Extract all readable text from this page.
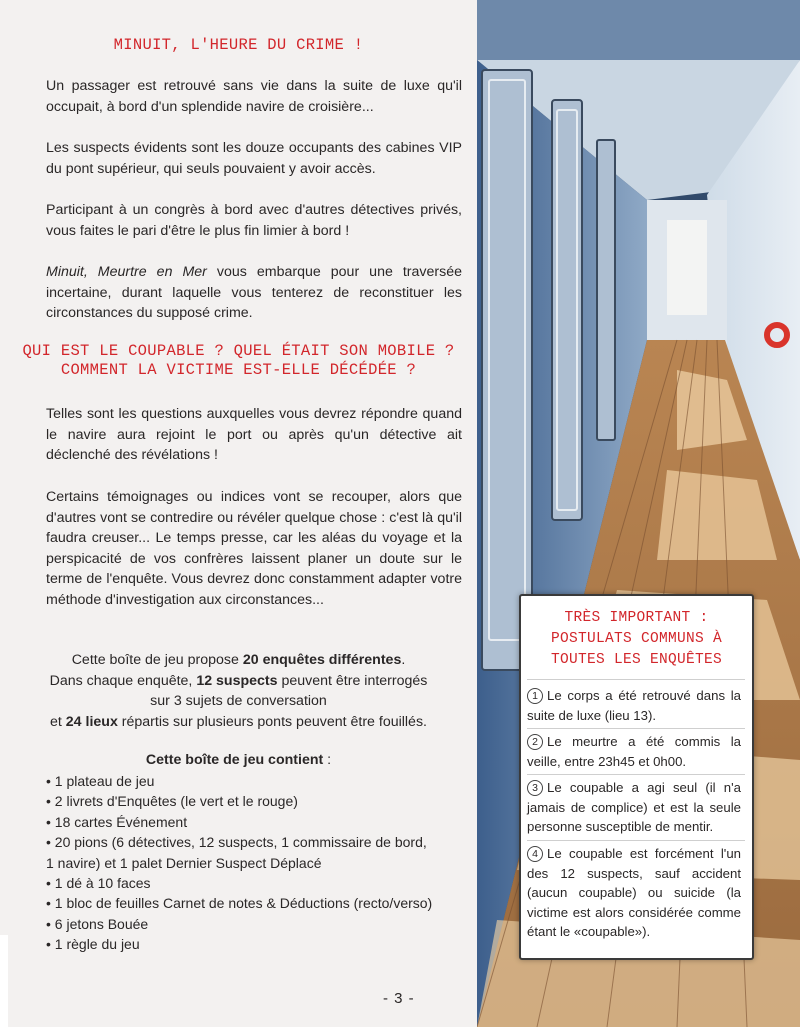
MINUIT, L'HEURE DU CRIME !

Un passager est retrouvé sans vie dans la suite de luxe qu'il occupait, à bord d'un splendide navire de croisière...

Les suspects évidents sont les douze occupants des cabines VIP du pont supérieur, qui seuls pouvaient y avoir accès.

Participant à un congrès à bord avec d'autres détectives privés, vous faites le pari d'être le plus fin limier à bord !

Minuit, Meurtre en Mer vous embarque pour une traversée incertaine, durant laquelle vous tenterez de reconstituer les circonstances du supposé crime.

QUI EST LE COUPABLE ? QUEL ÉTAIT SON MOBILE ?
COMMENT LA VICTIME EST-ELLE DÉCÉDÉE ?

Telles sont les questions auxquelles vous devrez répondre quand le navire aura rejoint le port ou après qu'un détective ait déclenché des révélations !

Certains témoignages ou indices vont se recouper, alors que d'autres vont se contredire ou révéler quelque chose : c'est là qu'il faudra creuser... Le temps presse, car les aléas du voyage et la perspicacité de vos confrères laissent planer un doute sur le terme de l'enquête. Vous devrez donc constamment adapter votre méthode d'investigation aux circonstances...

Cette boîte de jeu propose 20 enquêtes différentes.
Dans chaque enquête, 12 suspects peuvent être interrogés
sur 3 sujets de conversation
et 24 lieux répartis sur plusieurs ponts peuvent être fouillés.
Cette boîte de jeu contient :
• 1 plateau de jeu
• 2 livrets d'Enquêtes (le vert et le rouge)
• 18 cartes Événement
• 20 pions (6 détectives, 12 suspects, 1 commissaire de bord,
1 navire) et 1 palet Dernier Suspect Déplacé
• 1 dé à 10 faces
• 1 bloc de feuilles Carnet de notes & Déductions (recto/verso)
• 6 jetons Bouée
• 1 règle du jeu
- 3 -
TRÈS IMPORTANT :
POSTULATS COMMUNS À
TOUTES LES ENQUÊTES
1 Le corps a été retrouvé dans la suite de luxe (lieu 13).
2 Le meurtre a été commis la veille, entre 23h45 et 0h00.
3 Le coupable a agi seul (il n'a jamais de complice) et est la seule personne susceptible de mentir.
4 Le coupable est forcément l'un des 12 suspects, sauf accident (aucun coupable) ou suicide (la victime est alors considérée comme étant le «coupable»).
